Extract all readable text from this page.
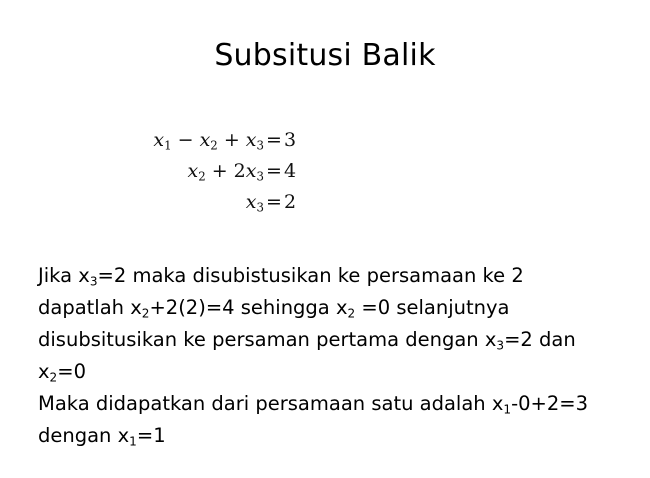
Subsitusi Balik
$x_1 - x_2 + x_3 = 3$
$x_2 + 2x_3 = 4$
$x_3 = 2$

Jika $x_3=2$ maka disubistusikan ke persamaan ke 2 dapatlah $x_2+2(2)=4$ sehingga $x_2 =0$ selanjutnya disubsitusikan ke persaman pertama dengan $x_3=2$ dan $x_2=0$

Maka didapatkan dari persamaan satu adalah $x_1-0+2=3$ dengan $x_1=1$
